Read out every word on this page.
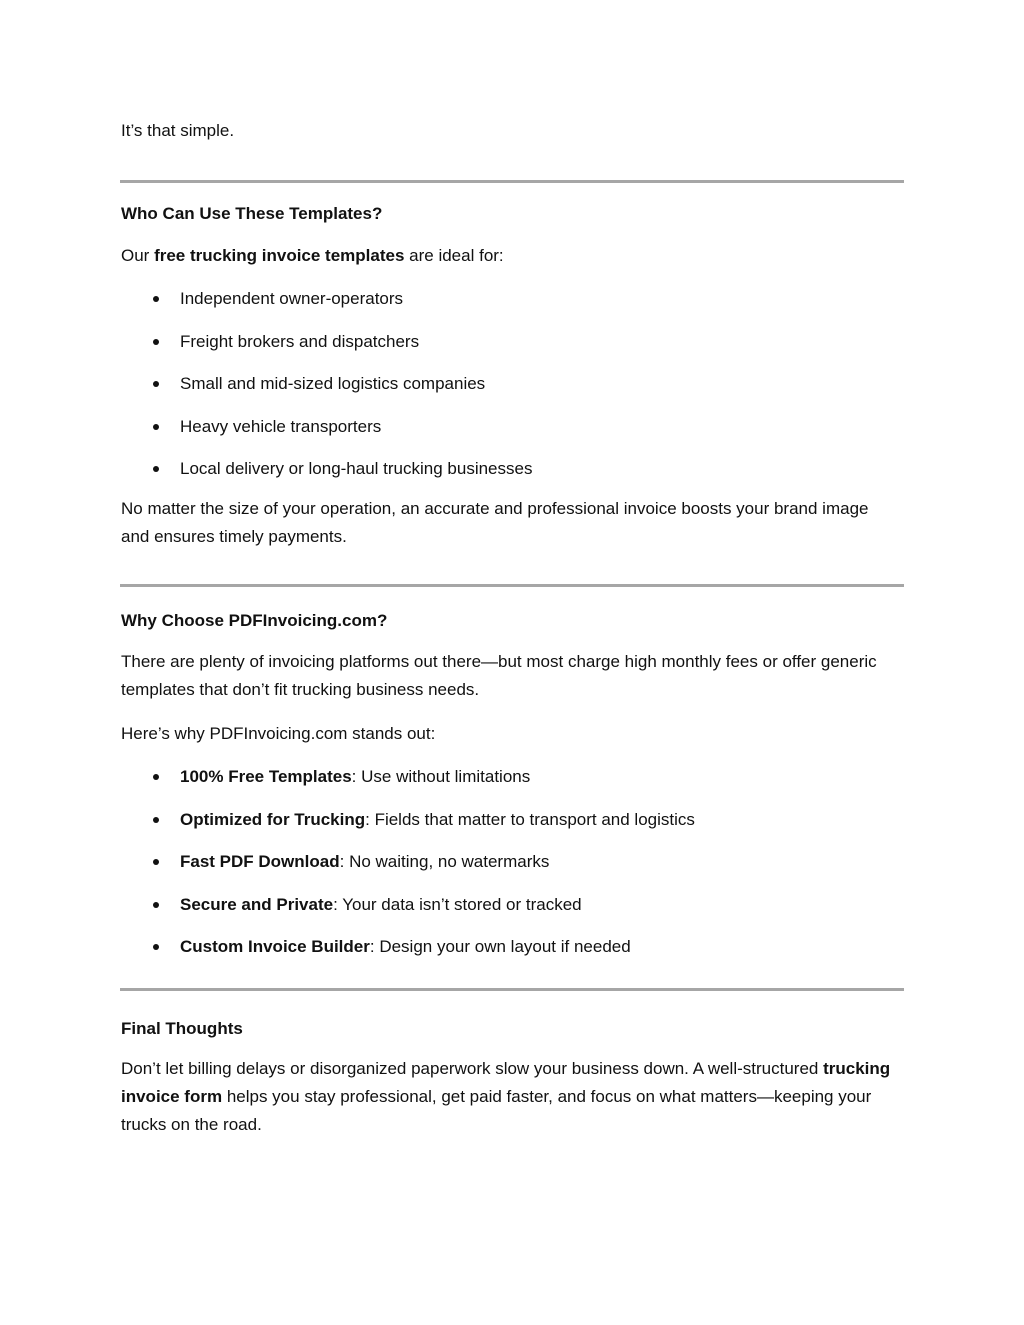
It’s that simple.

Who Can Use These Templates?

Our free trucking invoice templates are ideal for:

Independent owner-operators
Freight brokers and dispatchers
Small and mid-sized logistics companies
Heavy vehicle transporters
Local delivery or long-haul trucking businesses

No matter the size of your operation, an accurate and professional invoice boosts your brand image and ensures timely payments.

Why Choose PDFInvoicing.com?

There are plenty of invoicing platforms out there—but most charge high monthly fees or offer generic templates that don’t fit trucking business needs.

Here’s why PDFInvoicing.com stands out:

100% Free Templates: Use without limitations
Optimized for Trucking: Fields that matter to transport and logistics
Fast PDF Download: No waiting, no watermarks
Secure and Private: Your data isn’t stored or tracked
Custom Invoice Builder: Design your own layout if needed

Final Thoughts

Don’t let billing delays or disorganized paperwork slow your business down. A well-structured trucking invoice form helps you stay professional, get paid faster, and focus on what matters—keeping your trucks on the road.
